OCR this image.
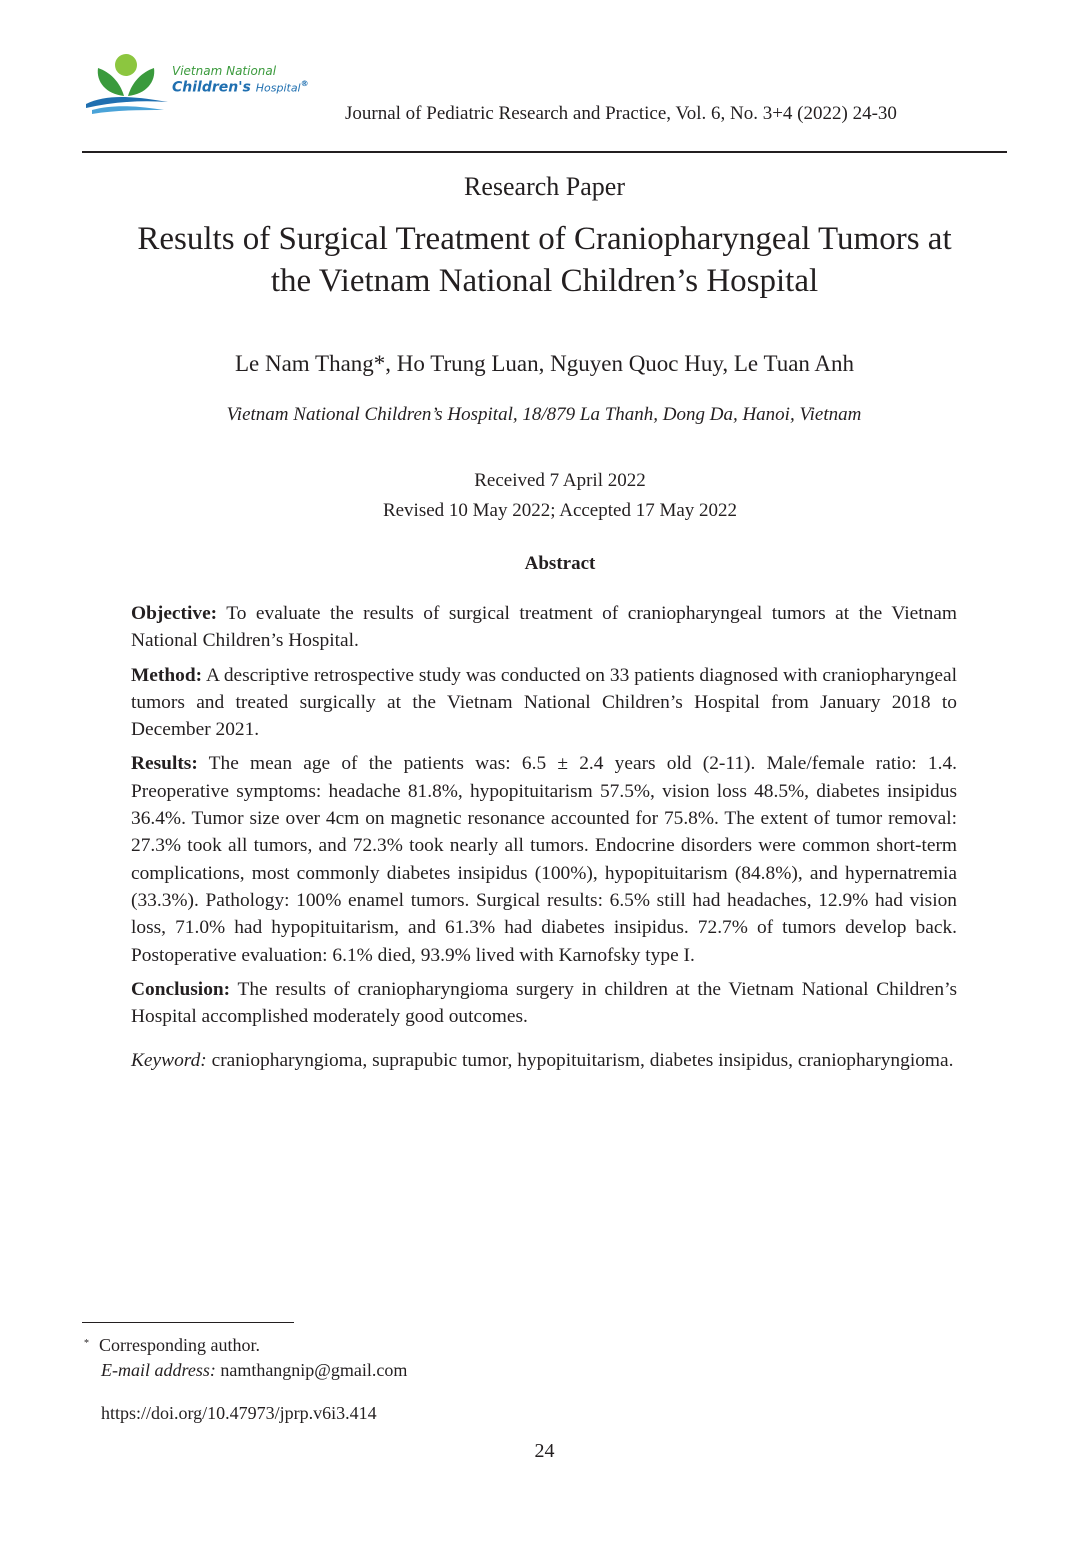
Vietnam National
Children's Hospital®
Journal of Pediatric Research and Practice, Vol. 6, No. 3+4 (2022) 24-30
Research Paper
Results of Surgical Treatment of Craniopharyngeal Tumors at
the Vietnam National Children’s Hospital
Le Nam Thang*, Ho Trung Luan, Nguyen Quoc Huy, Le Tuan Anh
Vietnam National Children’s Hospital, 18/879 La Thanh, Dong Da, Hanoi, Vietnam
Received 7 April 2022
Revised 10 May 2022; Accepted 17 May 2022
Abstract

Objective: To evaluate the results of surgical treatment of craniopharyngeal tumors at the Vietnam National Children’s Hospital.

Method: A descriptive retrospective study was conducted on 33 patients diagnosed with craniopharyngeal tumors and treated surgically at the Vietnam National Children’s Hospital from January 2018 to December 2021.

Results: The mean age of the patients was: 6.5 ± 2.4 years old (2-11). Male/female ratio: 1.4. Preoperative symptoms: headache 81.8%, hypopituitarism 57.5%, vision loss 48.5%, diabetes insipidus 36.4%. Tumor size over 4cm on magnetic resonance accounted for 75.8%. The extent of tumor removal: 27.3% took all tumors, and 72.3% took nearly all tumors. Endocrine disorders were common short-term complications, most commonly diabetes insipidus (100%), hypopituitarism (84.8%), and hypernatremia (33.3%). Pathology: 100% enamel tumors. Surgical results: 6.5% still had headaches, 12.9% had vision loss, 71.0% had hypopituitarism, and 61.3% had diabetes insipidus. 72.7% of tumors develop back. Postoperative evaluation: 6.1% died, 93.9% lived with Karnofsky type I.

Conclusion: The results of craniopharyngioma surgery in children at the Vietnam National Children’s Hospital accomplished moderately good outcomes.

Keyword: craniopharyngioma, suprapubic tumor, hypopituitarism, diabetes insipidus, craniopharyngioma.

* Corresponding author.
E-mail address: namthangnip@gmail.com
https://doi.org/10.47973/jprp.v6i3.414
24
